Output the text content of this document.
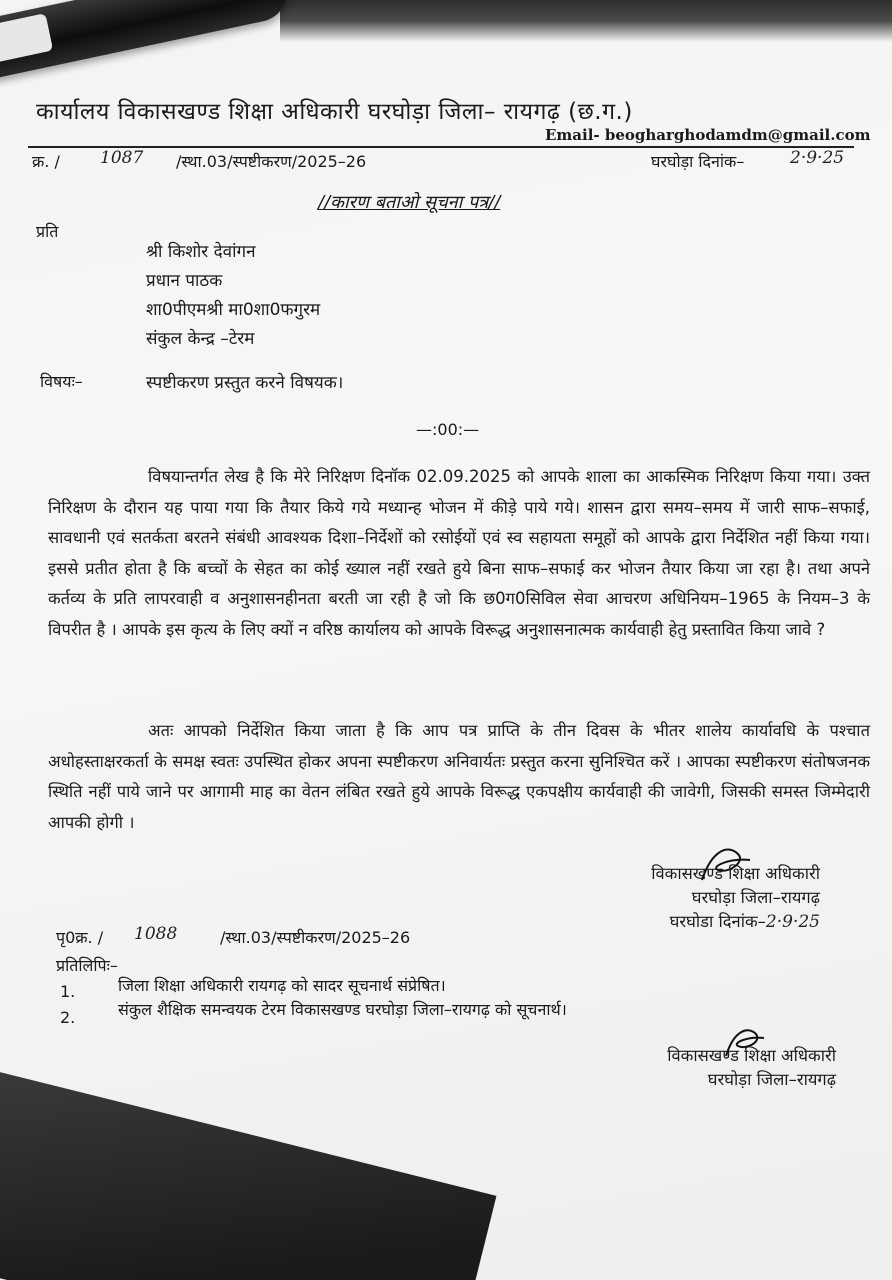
कार्यालय विकासखण्ड शिक्षा अधिकारी घरघोड़ा जिला– रायगढ़ (छ.ग.)
Email- beogharghodamdm@gmail.com
क्र. / 1087 /स्था.03/स्पष्टीकरण/2025–26	घरघोड़ा दिनांक–	2·9·25
//कारण बताओ सूचना पत्र//
प्रति
श्री किशोर देवांगन
प्रधान पाठक
शा0पीएमश्री मा0शा0फगुरम
संकुल केन्द्र –टेरम
विषयः–	स्पष्टीकरण प्रस्तुत करने विषयक।
—:00:—
विषयान्तर्गत लेख है कि मेरे निरिक्षण दिनॉक 02.09.2025 को आपके शाला का आकस्मिक निरिक्षण किया गया। उक्त निरिक्षण के दौरान यह पाया गया कि तैयार किये गये मध्यान्ह भोजन में कीड़े पाये गये। शासन द्वारा समय–समय में जारी साफ–सफाई, सावधानी एवं सतर्कता बरतने संबंधी आवश्यक दिशा–निर्देशों को रसोईयों एवं स्व सहायता समूहों को आपके द्वारा निर्देशित नहीं किया गया। इससे प्रतीत होता है कि बच्चों के सेहत का कोई ख्याल नहीं रखते हुये बिना साफ–सफाई कर भोजन तैयार किया जा रहा है। तथा अपने कर्तव्य के प्रति लापरवाही व अनुशासनहीनता बरती जा रही है जो कि छ0ग0सिविल सेवा आचरण अधिनियम–1965 के नियम–3 के विपरीत है । आपके इस कृत्य के लिए क्यों न वरिष्ठ कार्यालय को आपके विरूद्ध अनुशासनात्मक कार्यवाही हेतु प्रस्तावित किया जावे ?
अतः आपको निर्देशित किया जाता है कि आप पत्र प्राप्ति के तीन दिवस के भीतर शालेय कार्यावधि के पश्चात अधोहस्ताक्षरकर्ता के समक्ष स्वतः उपस्थित होकर अपना स्पष्टीकरण अनिवार्यतः प्रस्तुत करना सुनिश्चित करें । आपका स्पष्टीकरण संतोषजनक स्थिति नहीं पाये जाने पर आगामी माह का वेतन लंबित रखते हुये आपके विरूद्ध एकपक्षीय कार्यवाही की जावेगी, जिसकी समस्त जिम्मेदारी आपकी होगी ।
विकासखण्ड शिक्षा अधिकारी
घरघोड़ा जिला–रायगढ़
घरघोडा दिनांक–2·9·25
पृ0क्र. / 1088	/स्था.03/स्पष्टीकरण/2025–26
प्रतिलिपिः–
1.	जिला शिक्षा अधिकारी रायगढ़ को सादर सूचनार्थ संप्रेषित।
2.	संकुल शैक्षिक समन्वयक टेरम विकासखण्ड घरघोड़ा जिला–रायगढ़ को सूचनार्थ।
विकासखण्ड शिक्षा अधिकारी
घरघोड़ा जिला–रायगढ़
